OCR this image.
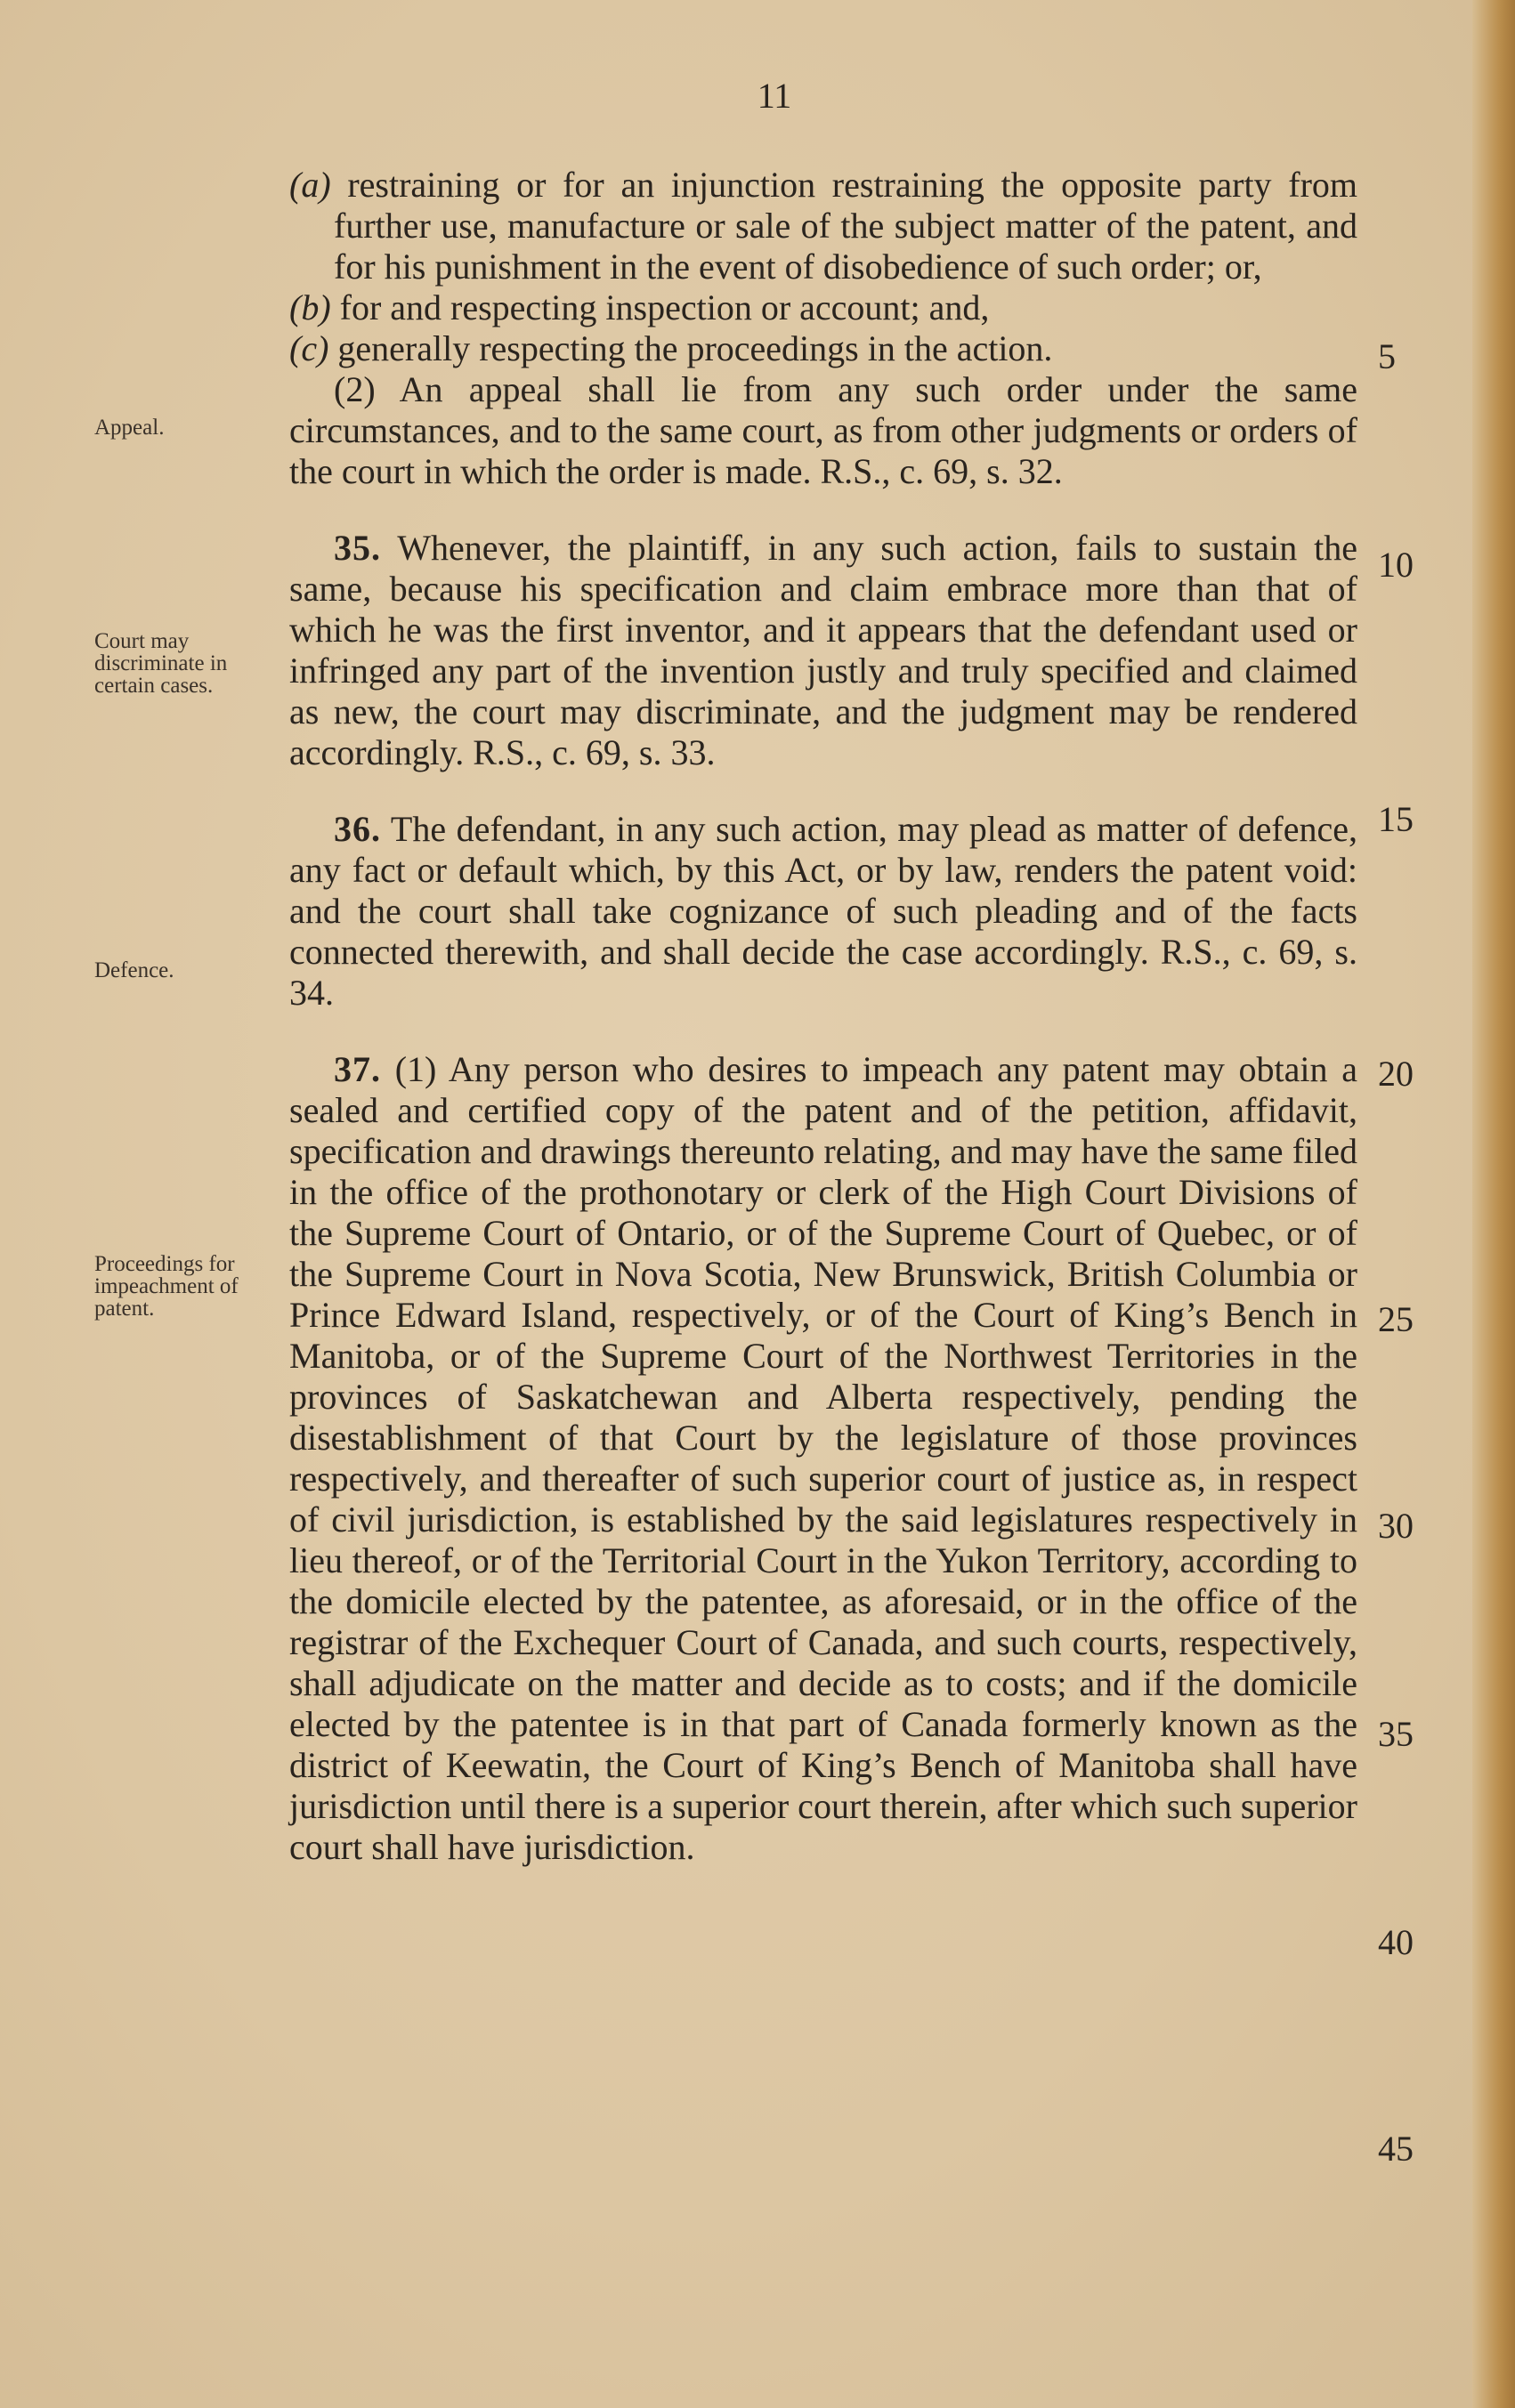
11
Appeal.
Court may discriminate in certain cases.
Defence.
Proceedings for impeachment of patent.
5
10
15
20
25
30
35
40
45

(a) restraining or for an injunction restraining the opposite party from further use, manufacture or sale of the subject matter of the patent, and for his punishment in the event of disobedience of such order; or,

(b) for and respecting inspection or account; and,

(c) generally respecting the proceedings in the action.

(2) An appeal shall lie from any such order under the same circumstances, and to the same court, as from other judgments or orders of the court in which the order is made. R.S., c. 69, s. 32.

35. Whenever, the plaintiff, in any such action, fails to sustain the same, because his specification and claim embrace more than that of which he was the first inventor, and it appears that the defendant used or infringed any part of the invention justly and truly specified and claimed as new, the court may discriminate, and the judgment may be rendered accordingly. R.S., c. 69, s. 33.

36. The defendant, in any such action, may plead as matter of defence, any fact or default which, by this Act, or by law, renders the patent void: and the court shall take cognizance of such pleading and of the facts connected therewith, and shall decide the case accordingly. R.S., c. 69, s. 34.

37. (1) Any person who desires to impeach any patent may obtain a sealed and certified copy of the patent and of the petition, affidavit, specification and drawings thereunto relating, and may have the same filed in the office of the prothonotary or clerk of the High Court Divisions of the Supreme Court of Ontario, or of the Supreme Court of Quebec, or of the Supreme Court in Nova Scotia, New Brunswick, British Columbia or Prince Edward Island, respectively, or of the Court of King’s Bench in Manitoba, or of the Supreme Court of the Northwest Territories in the provinces of Saskatchewan and Alberta respectively, pending the disestablishment of that Court by the legislature of those provinces respectively, and thereafter of such superior court of justice as, in respect of civil jurisdiction, is established by the said legislatures respectively in lieu thereof, or of the Territorial Court in the Yukon Territory, according to the domicile elected by the patentee, as aforesaid, or in the office of the registrar of the Exchequer Court of Canada, and such courts, respectively, shall adjudicate on the matter and decide as to costs; and if the domicile elected by the patentee is in that part of Canada formerly known as the district of Keewatin, the Court of King’s Bench of Manitoba shall have jurisdiction until there is a superior court therein, after which such superior court shall have jurisdiction.
